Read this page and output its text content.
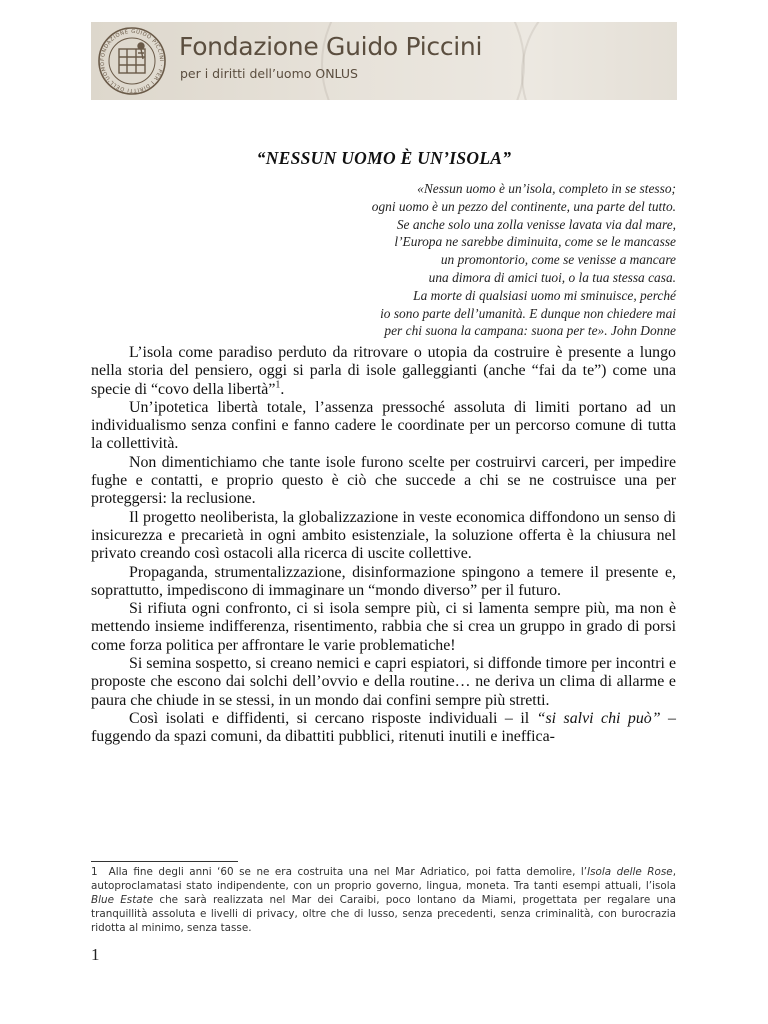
FONDAZIONE GUIDO PICCINI · PER I DIRITTI DELL'UOMO
Fondazione Guido Piccini
per i diritti dell’uomo ONLUS
“NESSUN UOMO È UN’ISOLA”
«Nessun uomo è un’isola, completo in se stesso;
ogni uomo è un pezzo del continente, una parte del tutto.
Se anche solo una zolla venisse lavata via dal mare,
l’Europa ne sarebbe diminuita, come se le mancasse
un promontorio, come se venisse a mancare
una dimora di amici tuoi, o la tua stessa casa.
La morte di qualsiasi uomo mi sminuisce, perché
io sono parte dell’umanità. E dunque non chiedere mai
per chi suona la campana: suona per te». John Donne

L’isola come paradiso perduto da ritrovare o utopia da costruire è presente a lungo nella storia del pensiero, oggi si parla di isole galleggianti (anche “fai da te”) come una specie di “covo della libertà”$^1$.

Un’ipotetica libertà totale, l’assenza pressoché assoluta di limiti portano ad un individualismo senza confini e fanno cadere le coordinate per un percorso comune di tutta la collettività.

Non dimentichiamo che tante isole furono scelte per costruirvi carceri, per impedire fughe e contatti, e proprio questo è ciò che succede a chi se ne costruisce una per proteggersi: la reclusione.

Il progetto neoliberista, la globalizzazione in veste economica diffondono un senso di insicurezza e precarietà in ogni ambito esistenziale, la soluzione offerta è la chiusura nel privato creando così ostacoli alla ricerca di uscite collettive.

Propaganda, strumentalizzazione, disinformazione spingono a temere il presente e, soprattutto, impediscono di immaginare un “mondo diverso” per il futuro.

Si rifiuta ogni confronto, ci si isola sempre più, ci si lamenta sempre più, ma non è mettendo insieme indifferenza, risentimento, rabbia che si crea un gruppo in grado di porsi come forza politica per affrontare le varie problematiche!

Si semina sospetto, si creano nemici e capri espiatori, si diffonde timore per incontri e proposte che escono dai solchi dell’ovvio e della routine… ne deriva un clima di allarme e paura che chiude in se stessi, in un mondo dai confini sempre più stretti.

Così isolati e diffidenti, si cercano risposte individuali – il “si salvi chi può” – fuggendo da spazi comuni, da dibattiti pubblici, ritenuti inutili e ineffica-

1 Alla fine degli anni ‘60 se ne era costruita una nel Mar Adriatico, poi fatta demolire, l’Isola delle Rose, autoproclamatasi stato indipendente, con un proprio governo, lingua, moneta. Tra tanti esempi attuali, l’isola Blue Estate che sarà realizzata nel Mar dei Caraibi, poco lontano da Miami, progettata per regalare una tranquillità assoluta e livelli di privacy, oltre che di lusso, senza precedenti, senza criminalità, con burocrazia ridotta al minimo, senza tasse.
1
